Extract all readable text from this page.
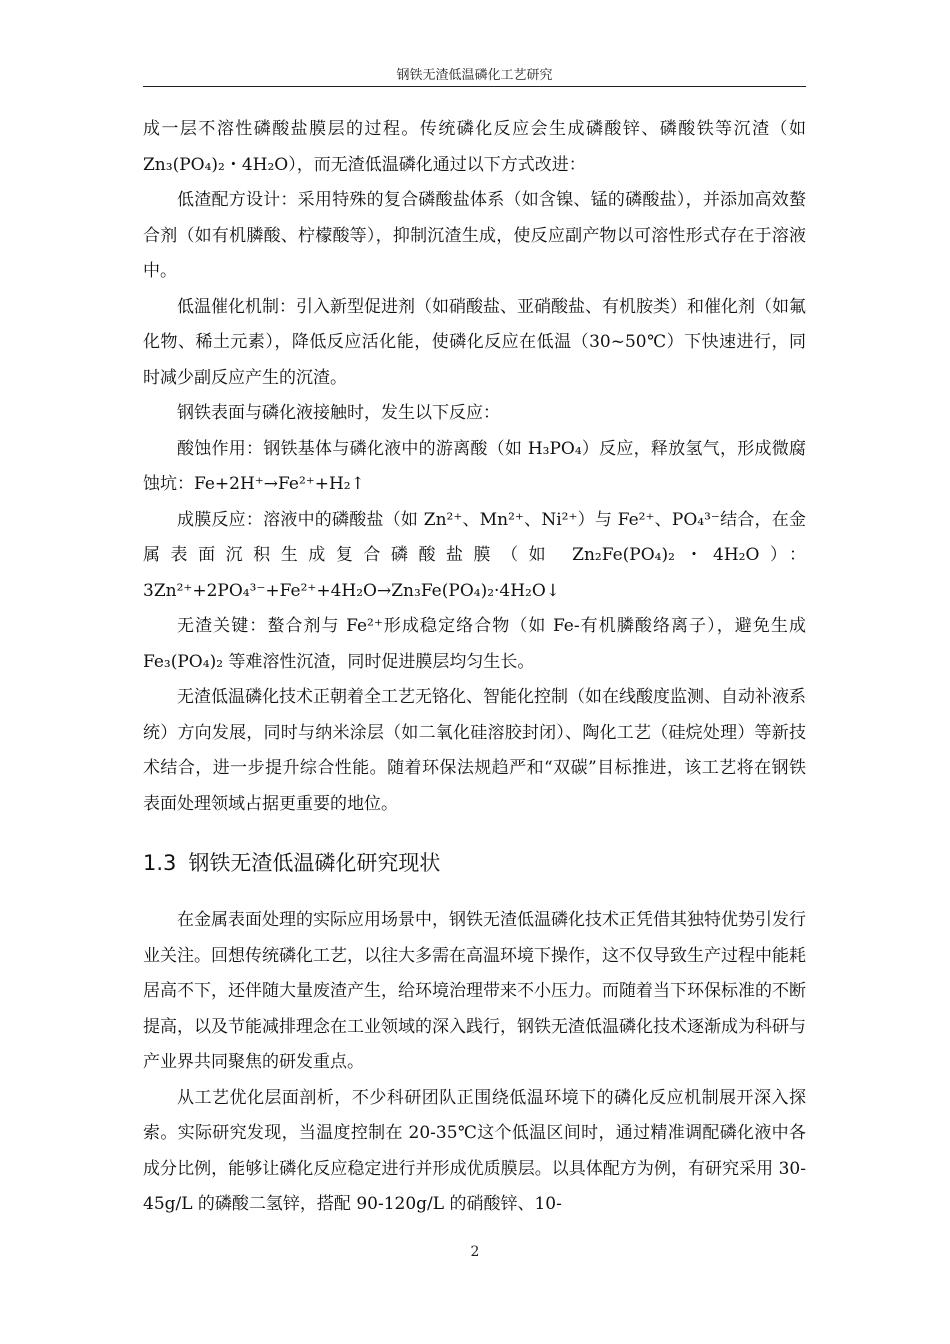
钢铁无渣低温磷化工艺研究

成一层不溶性磷酸盐膜层的过程。传统磷化反应会生成磷酸锌、磷酸铁等沉渣（如 Zn₃(PO₄)₂・4H₂O），而无渣低温磷化通过以下方式改进：

低渣配方设计：采用特殊的复合磷酸盐体系（如含镍、锰的磷酸盐），并添加高效螯合剂（如有机膦酸、柠檬酸等），抑制沉渣生成，使反应副产物以可溶性形式存在于溶液中。

低温催化机制：引入新型促进剂（如硝酸盐、亚硝酸盐、有机胺类）和催化剂（如氟化物、稀土元素），降低反应活化能，使磷化反应在低温（30~50℃）下快速进行，同时减少副反应产生的沉渣。

钢铁表面与磷化液接触时，发生以下反应：

酸蚀作用：钢铁基体与磷化液中的游离酸（如 H₃PO₄）反应，释放氢气，形成微腐蚀坑：Fe+2H⁺→Fe²⁺+H₂↑

成膜反应：溶液中的磷酸盐（如 Zn²⁺、Mn²⁺、Ni²⁺）与 Fe²⁺、PO₄³⁻结合，在金属表面沉积生成复合磷酸盐膜（如 Zn₂Fe(PO₄)₂・4H₂O）：3Zn²⁺+2PO₄³⁻+Fe²⁺+4H₂O→Zn₃Fe(PO₄)₂·4H₂O↓

无渣关键：螯合剂与 Fe²⁺形成稳定络合物（如 Fe-有机膦酸络离子），避免生成 Fe₃(PO₄)₂ 等难溶性沉渣，同时促进膜层均匀生长。

无渣低温磷化技术正朝着全工艺无铬化、智能化控制（如在线酸度监测、自动补液系统）方向发展，同时与纳米涂层（如二氧化硅溶胶封闭）、陶化工艺（硅烷处理）等新技术结合，进一步提升综合性能。随着环保法规趋严和“双碳”目标推进，该工艺将在钢铁表面处理领域占据更重要的地位。

1.3 钢铁无渣低温磷化研究现状

在金属表面处理的实际应用场景中，钢铁无渣低温磷化技术正凭借其独特优势引发行业关注。回想传统磷化工艺，以往大多需在高温环境下操作，这不仅导致生产过程中能耗居高不下，还伴随大量废渣产生，给环境治理带来不小压力。而随着当下环保标准的不断提高，以及节能减排理念在工业领域的深入践行，钢铁无渣低温磷化技术逐渐成为科研与产业界共同聚焦的研发重点。

从工艺优化层面剖析，不少科研团队正围绕低温环境下的磷化反应机制展开深入探索。实际研究发现，当温度控制在 20-35℃这个低温区间时，通过精准调配磷化液中各成分比例，能够让磷化反应稳定进行并形成优质膜层。以具体配方为例，有研究采用 30-45g/L 的磷酸二氢锌，搭配 90-120g/L 的硝酸锌、10-

2
